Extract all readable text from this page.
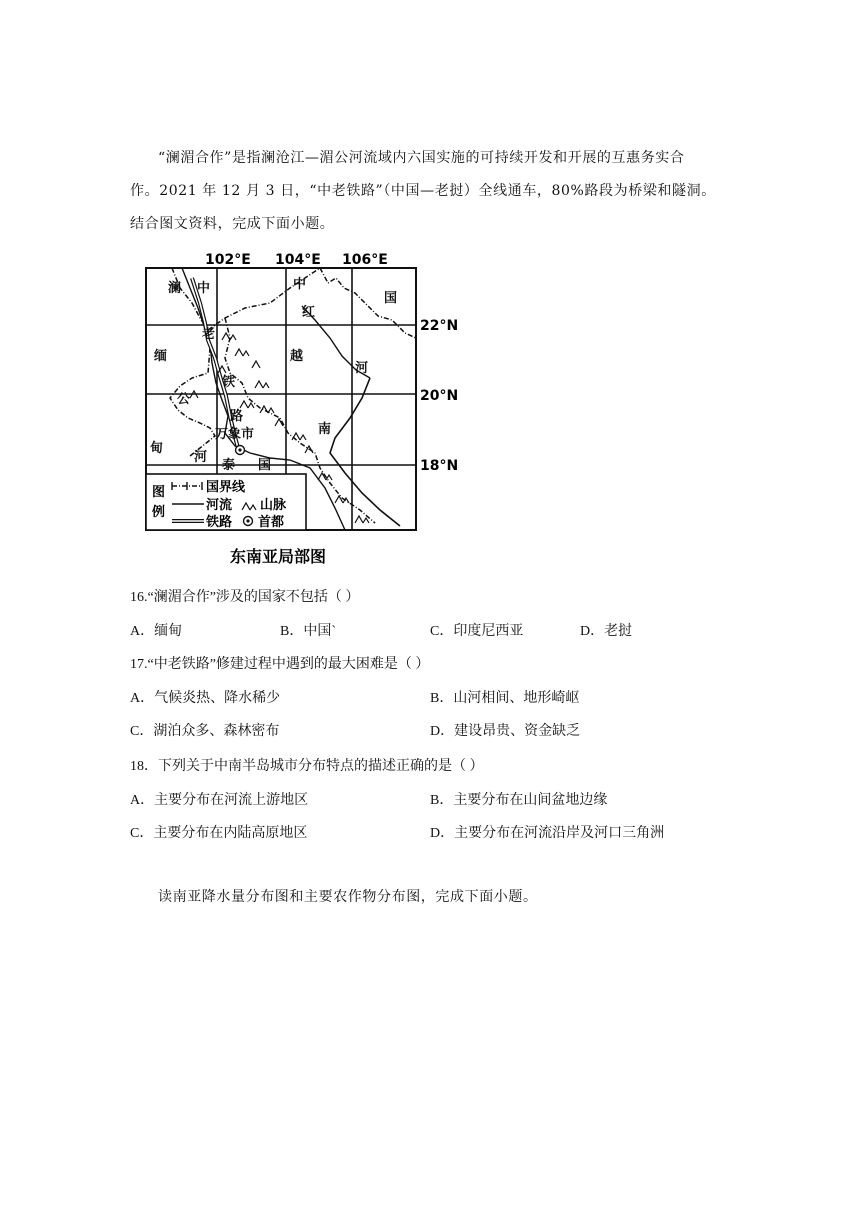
“澜湄合作”是指澜沧江—湄公河流域内六国实施的可持续开发和开展的互惠务实合
作。2021 年 12 月 3 日，“中老铁路”（中国—老挝）全线通车，80%路段为桥梁和隧洞。
结合图文资料，完成下面小题。
102°E 104°E 106°E
22°N
20°N
18°N
澜 中	中
国
红
老
缅	越
河
铁
公
路
万象市	南
甸
河
泰 国
图
例
国界线
河流 山脉
铁路 首都
东南亚局部图
16.“澜湄合作”涉及的国家不包括（ ）
A．缅甸	B．中国`	C．印度尼西亚	D．老挝
17.“中老铁路”修建过程中遇到的最大困难是（ ）
A．气候炎热、降水稀少	B．山河相间、地形崎岖
C．湖泊众多、森林密布	D．建设昂贵、资金缺乏
18．下列关于中南半岛城市分布特点的描述正确的是（ ）
A．主要分布在河流上游地区	B．主要分布在山间盆地边缘
C．主要分布在内陆高原地区	D．主要分布在河流沿岸及河口三角洲
读南亚降水量分布图和主要农作物分布图，完成下面小题。
